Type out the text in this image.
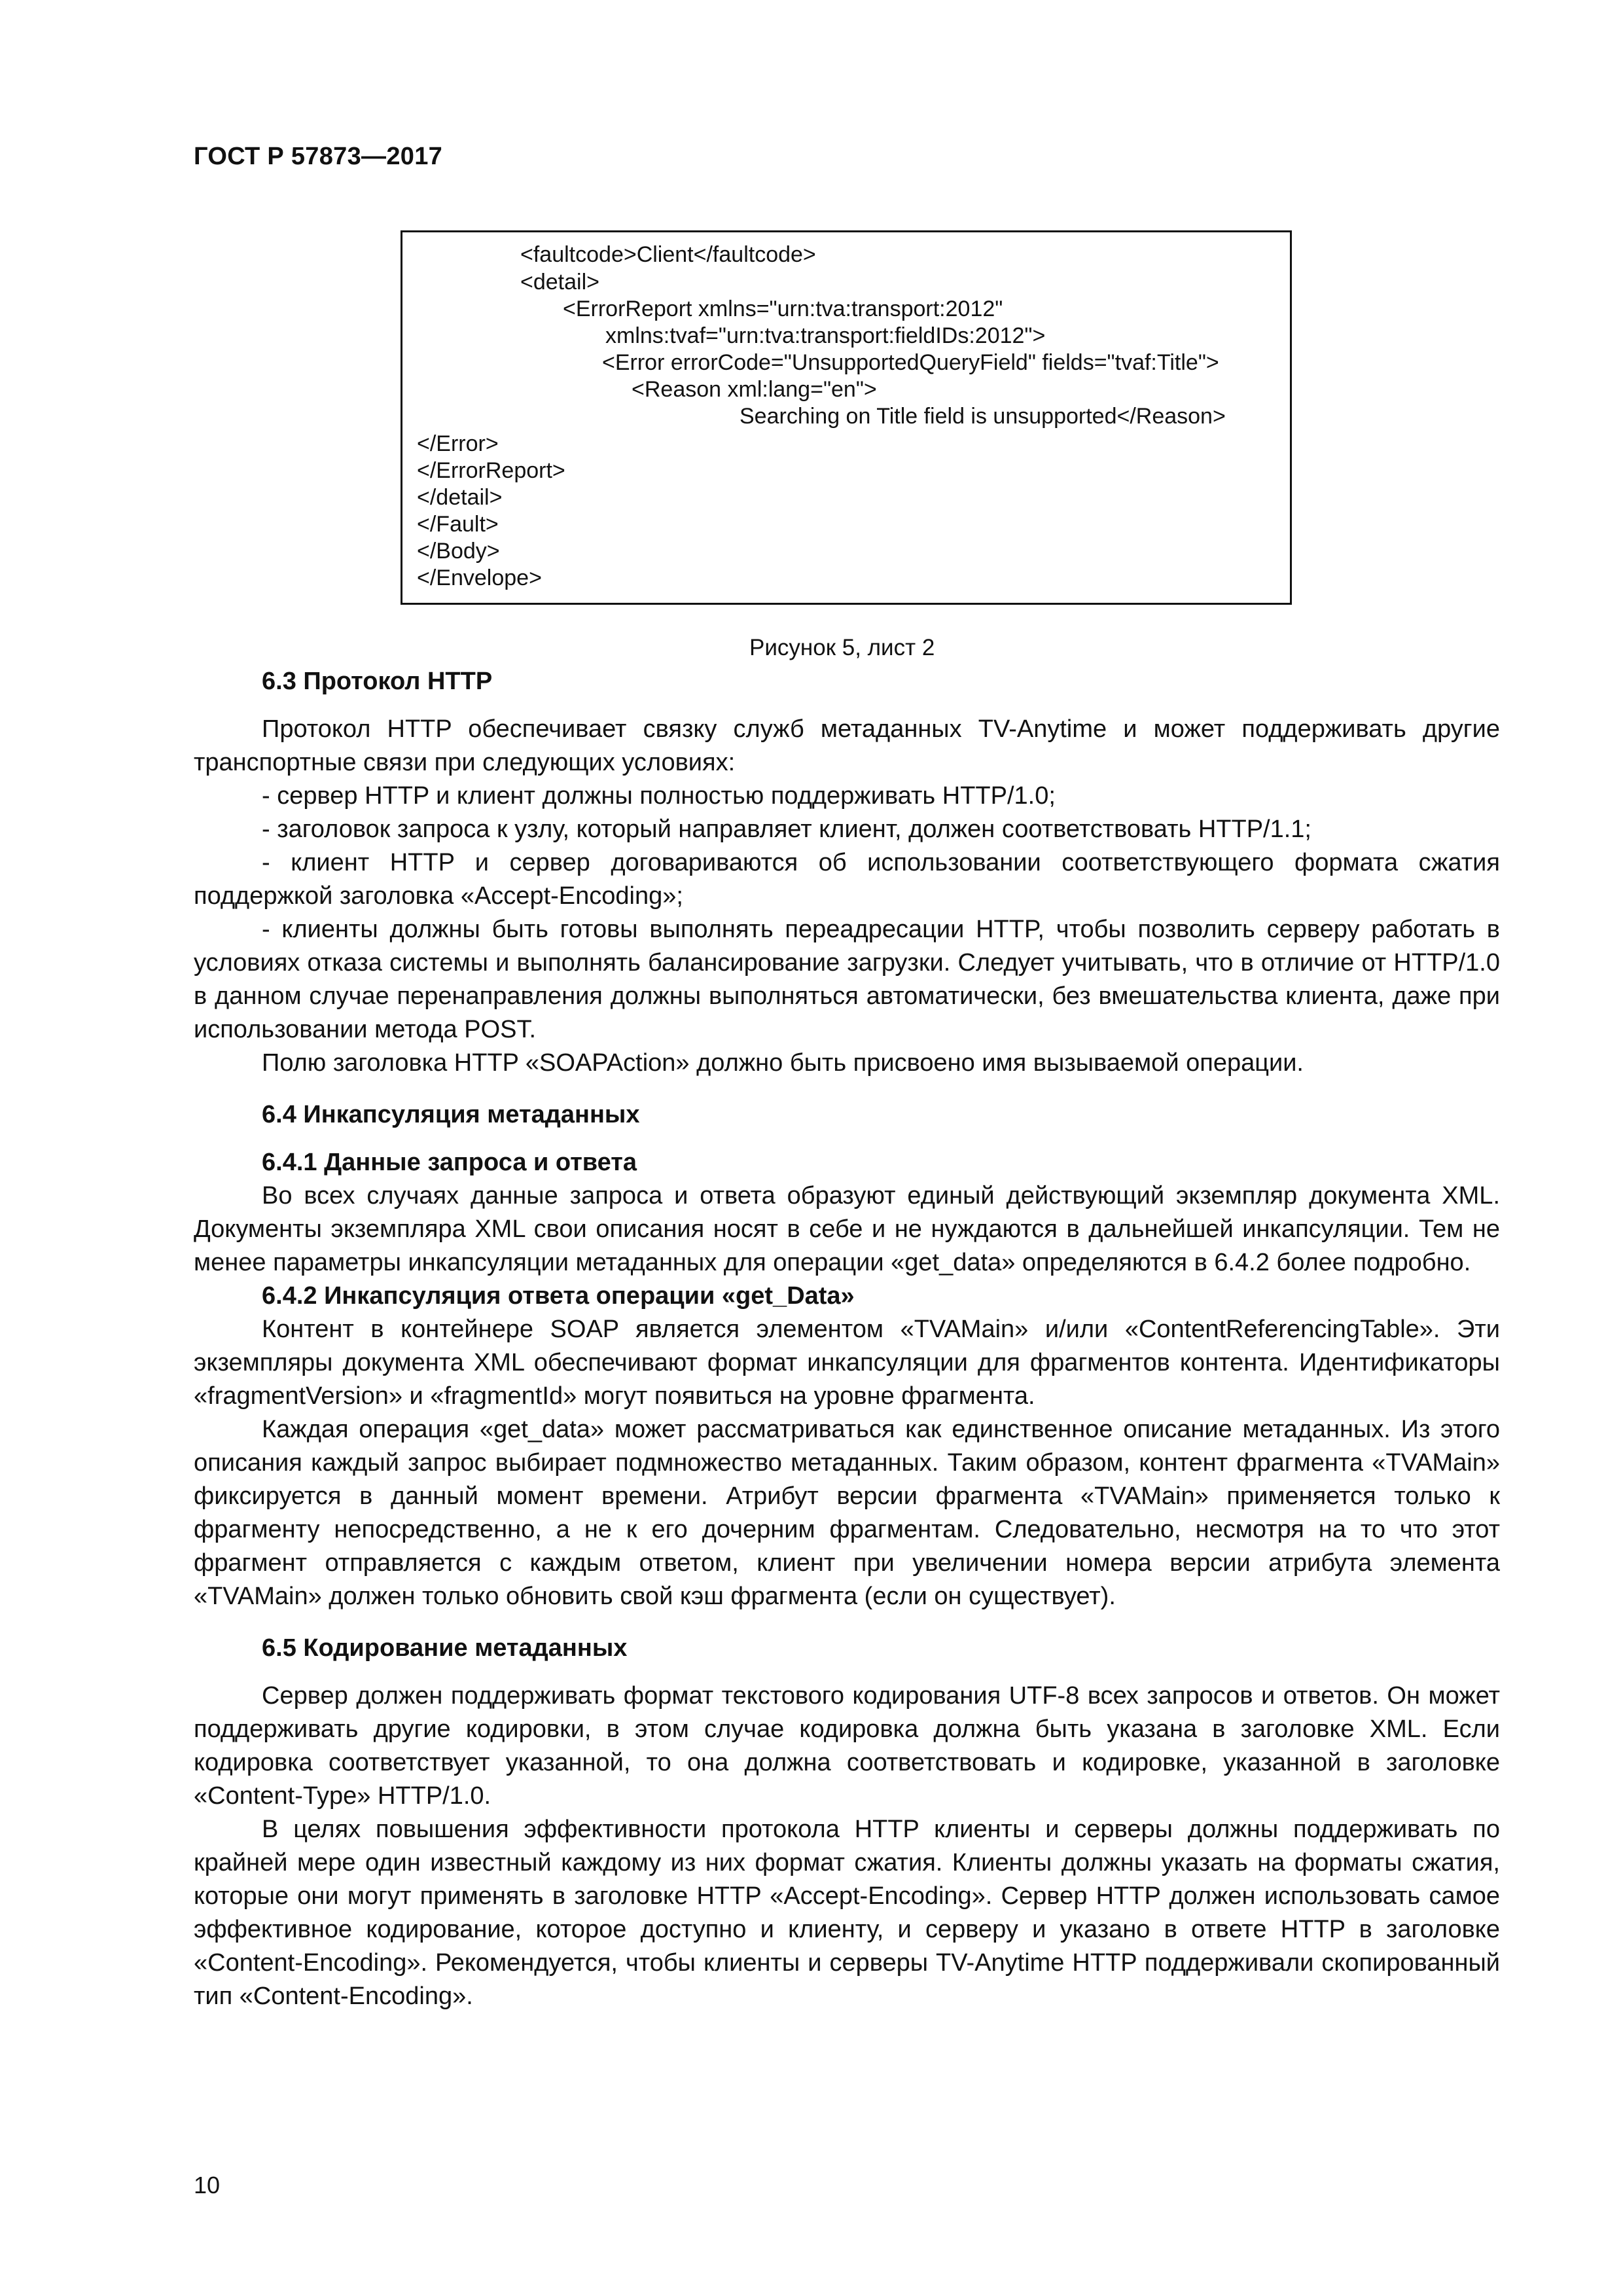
ГОСТ Р 57873—2017
<faultcode>Client</faultcode>
<detail>
<ErrorReport xmlns="urn:tva:transport:2012"
xmlns:tvaf="urn:tva:transport:fieldIDs:2012">
<Error errorCode="UnsupportedQueryField" fields="tvaf:Title">
<Reason xml:lang="en">
Searching on Title field is unsupported</Reason>
</Error>
</ErrorReport>
</detail>
</Fault>
</Body>
</Envelope>
Рисунок 5, лист 2

6.3 Протокол HTTP

Протокол HTTP обеспечивает связку служб метаданных TV-Anytime и может поддерживать другие транспортные связи при следующих условиях:

- сервер HTTP и клиент должны полностью поддерживать HTTP/1.0;

- заголовок запроса к узлу, который направляет клиент, должен соответствовать HTTP/1.1;

- клиент HTTP и сервер договариваются об использовании соответствующего формата сжатия поддержкой заголовка «Accept-Encoding»;

- клиенты должны быть готовы выполнять переадресации HTTP, чтобы позволить серверу работать в условиях отказа системы и выполнять балансирование загрузки. Следует учитывать, что в отличие от HTTP/1.0 в данном случае перенаправления должны выполняться автоматически, без вмешательства клиента, даже при использовании метода POST.

Полю заголовка HTTP «SOAPAction» должно быть присвоено имя вызываемой операции.

6.4 Инкапсуляция метаданных

6.4.1 Данные запроса и ответа

Во всех случаях данные запроса и ответа образуют единый действующий экземпляр документа XML. Документы экземпляра XML свои описания носят в себе и не нуждаются в дальнейшей инкапсуляции. Тем не менее параметры инкапсуляции метаданных для операции «get_data» определяются в 6.4.2 более подробно.

6.4.2 Инкапсуляция ответа операции «get_Data»

Контент в контейнере SOAP является элементом «TVAMain» и/или «ContentReferencingTable». Эти экземпляры документа XML обеспечивают формат инкапсуляции для фрагментов контента. Идентификаторы «fragmentVersion» и «fragmentId» могут появиться на уровне фрагмента.

Каждая операция «get_data» может рассматриваться как единственное описание метаданных. Из этого описания каждый запрос выбирает подмножество метаданных. Таким образом, контент фрагмента «TVAMain» фиксируется в данный момент времени. Атрибут версии фрагмента «TVAMain» применяется только к фрагменту непосредственно, а не к его дочерним фрагментам. Следовательно, несмотря на то что этот фрагмент отправляется с каждым ответом, клиент при увеличении номера версии атрибута элемента «TVAMain» должен только обновить свой кэш фрагмента (если он существует).

6.5 Кодирование метаданных

Сервер должен поддерживать формат текстового кодирования UTF-8 всех запросов и ответов. Он может поддерживать другие кодировки, в этом случае кодировка должна быть указана в заголовке XML. Если кодировка соответствует указанной, то она должна соответствовать и кодировке, указанной в заголовке «Content-Type» HTTP/1.0.

В целях повышения эффективности протокола HTTP клиенты и серверы должны поддерживать по крайней мере один известный каждому из них формат сжатия. Клиенты должны указать на форматы сжатия, которые они могут применять в заголовке HTTP «Accept-Encoding». Сервер HTTP должен использовать самое эффективное кодирование, которое доступно и клиенту, и серверу и указано в ответе HTTP в заголовке «Content-Encoding». Рекомендуется, чтобы клиенты и серверы TV-Anytime HTTP поддерживали скопированный тип «Content-Encoding».

10
